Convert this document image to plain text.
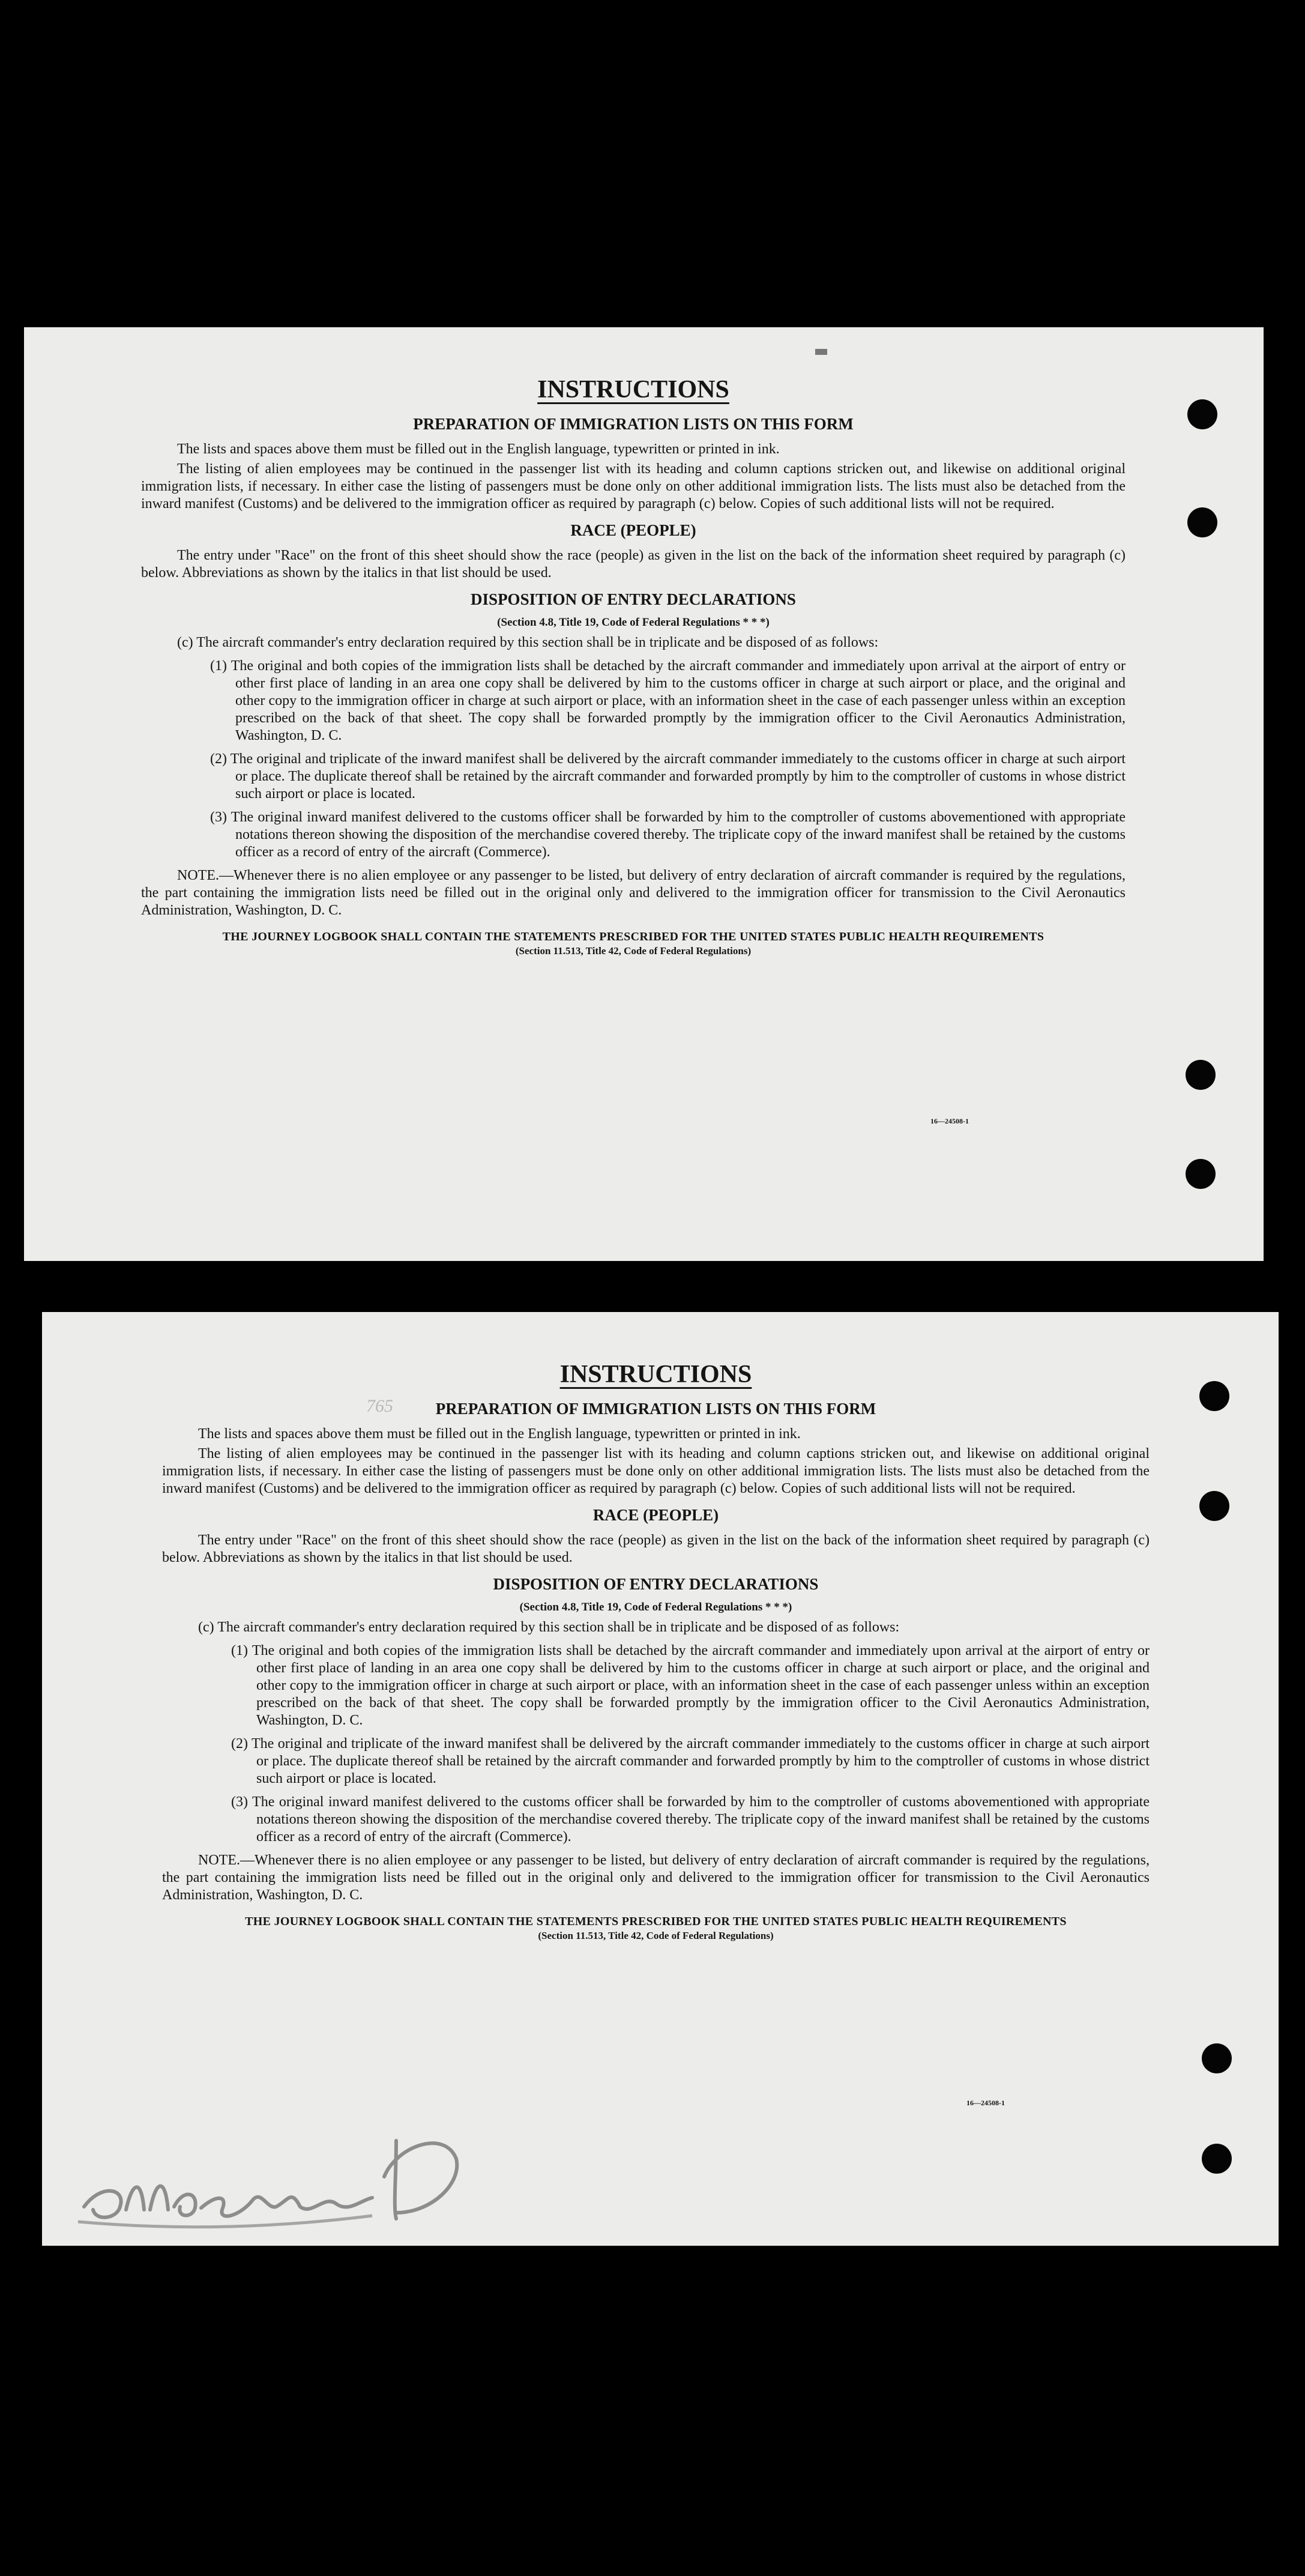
INSTRUCTIONS
PREPARATION OF IMMIGRATION LISTS ON THIS FORM

The lists and spaces above them must be filled out in the English language, typewritten or printed in ink.

The listing of alien employees may be continued in the passenger list with its heading and column captions stricken out, and likewise on additional original immigration lists, if necessary. In either case the listing of passengers must be done only on other additional immigration lists. The lists must also be detached from the inward manifest (Customs) and be delivered to the immigration officer as required by paragraph (c) below. Copies of such additional lists will not be required.

RACE (PEOPLE)

The entry under "Race" on the front of this sheet should show the race (people) as given in the list on the back of the information sheet required by paragraph (c) below. Abbreviations as shown by the italics in that list should be used.

DISPOSITION OF ENTRY DECLARATIONS
(Section 4.8, Title 19, Code of Federal Regulations * * *)

(c) The aircraft commander's entry declaration required by this section shall be in triplicate and be disposed of as follows:

(1) The original and both copies of the immigration lists shall be detached by the aircraft commander and immediately upon arrival at the airport of entry or other first place of landing in an area one copy shall be delivered by him to the customs officer in charge at such airport or place, and the original and other copy to the immigration officer in charge at such airport or place, with an information sheet in the case of each passenger unless within an exception prescribed on the back of that sheet. The copy shall be forwarded promptly by the immigration officer to the Civil Aeronautics Administration, Washington, D. C.
(2) The original and triplicate of the inward manifest shall be delivered by the aircraft commander immediately to the customs officer in charge at such airport or place. The duplicate thereof shall be retained by the aircraft commander and forwarded promptly by him to the comptroller of customs in whose district such airport or place is located.
(3) The original inward manifest delivered to the customs officer shall be forwarded by him to the comptroller of customs abovementioned with appropriate notations thereon showing the disposition of the merchandise covered thereby. The triplicate copy of the inward manifest shall be retained by the customs officer as a record of entry of the aircraft (Commerce).

NOTE.—Whenever there is no alien employee or any passenger to be listed, but delivery of entry declaration of aircraft commander is required by the regulations, the part containing the immigration lists need be filled out in the original only and delivered to the immigration officer for transmission to the Civil Aeronautics Administration, Washington, D. C.

THE JOURNEY LOGBOOK SHALL CONTAIN THE STATEMENTS PRESCRIBED FOR THE UNITED STATES PUBLIC HEALTH REQUIREMENTS
(Section 11.513, Title 42, Code of Federal Regulations)
16—24508-1
765
INSTRUCTIONS
PREPARATION OF IMMIGRATION LISTS ON THIS FORM

The lists and spaces above them must be filled out in the English language, typewritten or printed in ink.

The listing of alien employees may be continued in the passenger list with its heading and column captions stricken out, and likewise on additional original immigration lists, if necessary. In either case the listing of passengers must be done only on other additional immigration lists. The lists must also be detached from the inward manifest (Customs) and be delivered to the immigration officer as required by paragraph (c) below. Copies of such additional lists will not be required.

RACE (PEOPLE)

The entry under "Race" on the front of this sheet should show the race (people) as given in the list on the back of the information sheet required by paragraph (c) below. Abbreviations as shown by the italics in that list should be used.

DISPOSITION OF ENTRY DECLARATIONS
(Section 4.8, Title 19, Code of Federal Regulations * * *)

(c) The aircraft commander's entry declaration required by this section shall be in triplicate and be disposed of as follows:

(1) The original and both copies of the immigration lists shall be detached by the aircraft commander and immediately upon arrival at the airport of entry or other first place of landing in an area one copy shall be delivered by him to the customs officer in charge at such airport or place, and the original and other copy to the immigration officer in charge at such airport or place, with an information sheet in the case of each passenger unless within an exception prescribed on the back of that sheet. The copy shall be forwarded promptly by the immigration officer to the Civil Aeronautics Administration, Washington, D. C.
(2) The original and triplicate of the inward manifest shall be delivered by the aircraft commander immediately to the customs officer in charge at such airport or place. The duplicate thereof shall be retained by the aircraft commander and forwarded promptly by him to the comptroller of customs in whose district such airport or place is located.
(3) The original inward manifest delivered to the customs officer shall be forwarded by him to the comptroller of customs abovementioned with appropriate notations thereon showing the disposition of the merchandise covered thereby. The triplicate copy of the inward manifest shall be retained by the customs officer as a record of entry of the aircraft (Commerce).

NOTE.—Whenever there is no alien employee or any passenger to be listed, but delivery of entry declaration of aircraft commander is required by the regulations, the part containing the immigration lists need be filled out in the original only and delivered to the immigration officer for transmission to the Civil Aeronautics Administration, Washington, D. C.

THE JOURNEY LOGBOOK SHALL CONTAIN THE STATEMENTS PRESCRIBED FOR THE UNITED STATES PUBLIC HEALTH REQUIREMENTS
(Section 11.513, Title 42, Code of Federal Regulations)
16—24508-1
